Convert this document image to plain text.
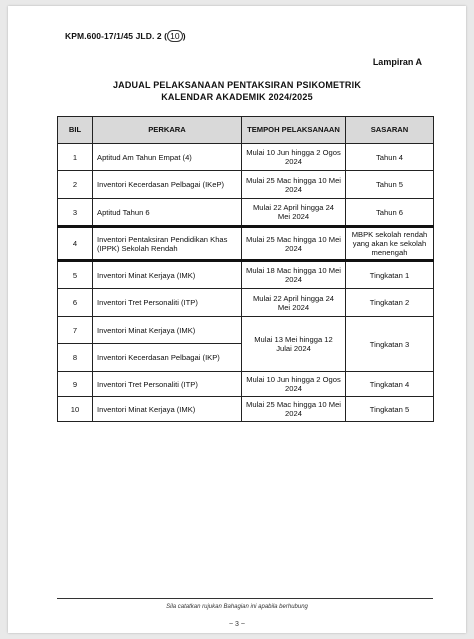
KPM.600-17/1/45 JLD. 2 ( 10 )
Lampiran A
JADUAL PELAKSANAAN PENTAKSIRAN PSIKOMETRIK
KALENDAR AKADEMIK 2024/2025
BIL	PERKARA	TEMPOH PELAKSANAAN	SASARAN
1	Aptitud Am Tahun Empat (4)	Mulai 10 Jun hingga 2 Ogos 2024	Tahun 4
2	Inventori Kecerdasan Pelbagai (IKeP)	Mulai 25 Mac hingga 10 Mei 2024	Tahun 5
3	Aptitud Tahun 6	Mulai 22 April hingga 24 Mei 2024	Tahun 6
4	Inventori Pentaksiran Pendidikan Khas (IPPK) Sekolah Rendah	Mulai 25 Mac hingga 10 Mei 2024	MBPK sekolah rendah yang akan ke sekolah menengah
5	Inventori Minat Kerjaya (IMK)	Mulai 18 Mac hingga 10 Mei 2024	Tingkatan 1
6	Inventori Tret Personaliti (ITP)	Mulai 22 April hingga 24 Mei 2024	Tingkatan 2
7	Inventori Minat Kerjaya (IMK)	Mulai 13 Mei hingga 12 Julai 2024	Tingkatan 3
8	Inventori Kecerdasan Pelbagai (IKP)		
9	Inventori Tret Personaliti (ITP)	Mulai 10 Jun hingga 2 Ogos 2024	Tingkatan 4
10	Inventori Minat Kerjaya (IMK)	Mulai 25 Mac hingga 10 Mei 2024	Tingkatan 5
Sila catatkan rujukan Bahagian ini apabila berhubung
~ 3 ~
